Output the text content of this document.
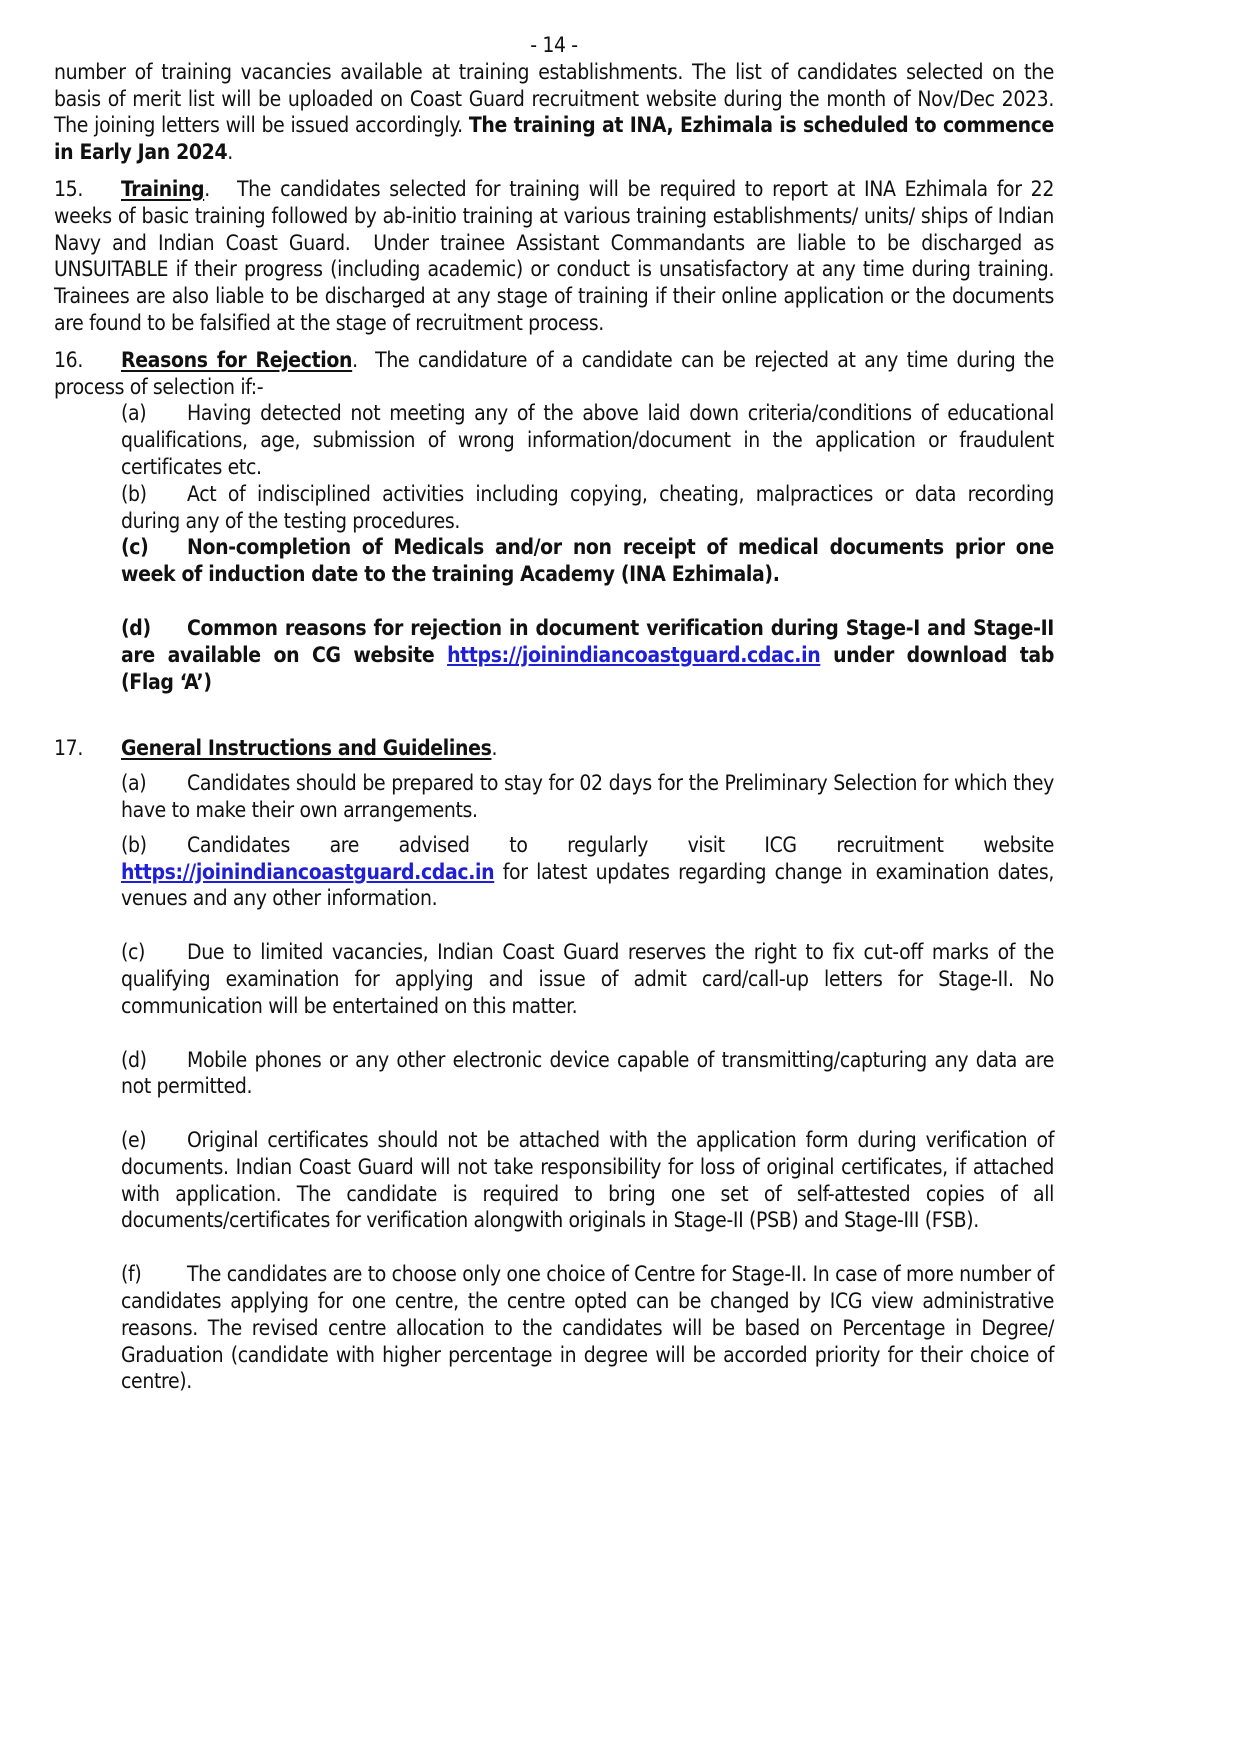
- 14 -

number of training vacancies available at training establishments. The list of candidates selected on the basis of merit list will be uploaded on Coast Guard recruitment website during the month of Nov/Dec 2023. The joining letters will be issued accordingly. The training at INA, Ezhimala is scheduled to commence in Early Jan 2024.

15. Training.   The candidates selected for training will be required to report at INA Ezhimala for 22 weeks of basic training followed by ab-initio training at various training establishments/ units/ ships of Indian Navy and Indian Coast Guard.  Under trainee Assistant Commandants are liable to be discharged as UNSUITABLE if their progress (including academic) or conduct is unsatisfactory at any time during training.  Trainees are also liable to be discharged at any stage of training if their online application or the documents are found to be falsified at the stage of recruitment process.

16. Reasons for Rejection.  The candidature of a candidate can be rejected at any time during the process of selection if:-

(a) Having detected not meeting any of the above laid down criteria/conditions of educational qualifications, age, submission of wrong information/document in the application or fraudulent certificates etc.

(b) Act of indisciplined activities including copying, cheating, malpractices or data recording during any of the testing procedures.

(c) Non-completion of Medicals and/or non receipt of medical documents prior one week of induction date to the training Academy (INA Ezhimala).

(d) Common reasons for rejection in document verification during Stage-I and Stage-II are available on CG website https://joinindiancoastguard.cdac.in under download tab (Flag ‘A’)

17. General Instructions and Guidelines.

(a) Candidates should be prepared to stay for 02 days for the Preliminary Selection for which they have to make their own arrangements.

(b) Candidates are advised to regularly visit ICG recruitment website https://joinindiancoastguard.cdac.in for latest updates regarding change in examination dates, venues and any other information.

(c) Due to limited vacancies, Indian Coast Guard reserves the right to fix cut-off marks of the qualifying examination for applying and issue of admit card/call-up letters for Stage-II. No communication will be entertained on this matter.

(d) Mobile phones or any other electronic device capable of transmitting/capturing any data are not permitted.

(e) Original certificates should not be attached with the application form during verification of documents. Indian Coast Guard will not take responsibility for loss of original certificates, if attached with application. The candidate is required to bring one set of self-attested copies of all documents/certificates for verification alongwith originals in Stage-II (PSB) and Stage-III (FSB).

(f) The candidates are to choose only one choice of Centre for Stage-II. In case of more number of candidates applying for one centre, the centre opted can be changed by ICG view administrative reasons. The revised centre allocation to the candidates will be based on Percentage in Degree/ Graduation (candidate with higher percentage in degree will be accorded priority for their choice of centre).
